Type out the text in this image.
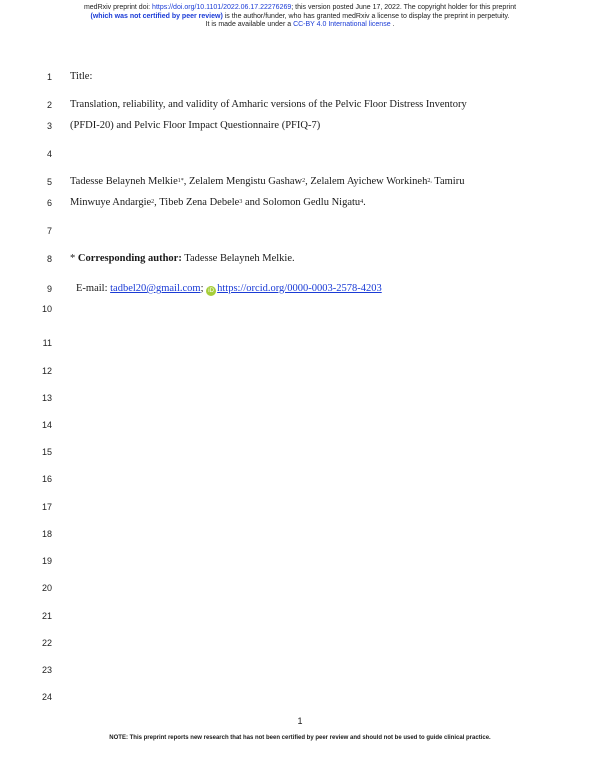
medRxiv preprint doi: https://doi.org/10.1101/2022.06.17.22276269; this version posted June 17, 2022. The copyright holder for this preprint
(which was not certified by peer review) is the author/funder, who has granted medRxiv a license to display the preprint in perpetuity.
It is made available under a CC-BY 4.0 International license .
1
2
3
4
5
6
7
8
9
10
11
12
13
14
15
16
17
18
19
20
21
22
23
24
Title:
Translation, reliability, and validity of Amharic versions of the Pelvic Floor Distress Inventory
(PFDI-20) and Pelvic Floor Impact Questionnaire (PFIQ-7)
Tadesse Belayneh Melkie$^{1*}$, Zelalem Mengistu Gashaw$^2$, Zelalem Ayichew Workineh$^{2,}$ Tamiru
Minwuye Andargie$^2$, Tibeb Zena Debele$^3$ and Solomon Gedlu Nigatu$^4$.
* Corresponding author: Tadesse Belayneh Melkie.
E-mail: tadbel20@gmail.com; iD https://orcid.org/0000-0003-2578-4203
1
NOTE: This preprint reports new research that has not been certified by peer review and should not be used to guide clinical practice.
